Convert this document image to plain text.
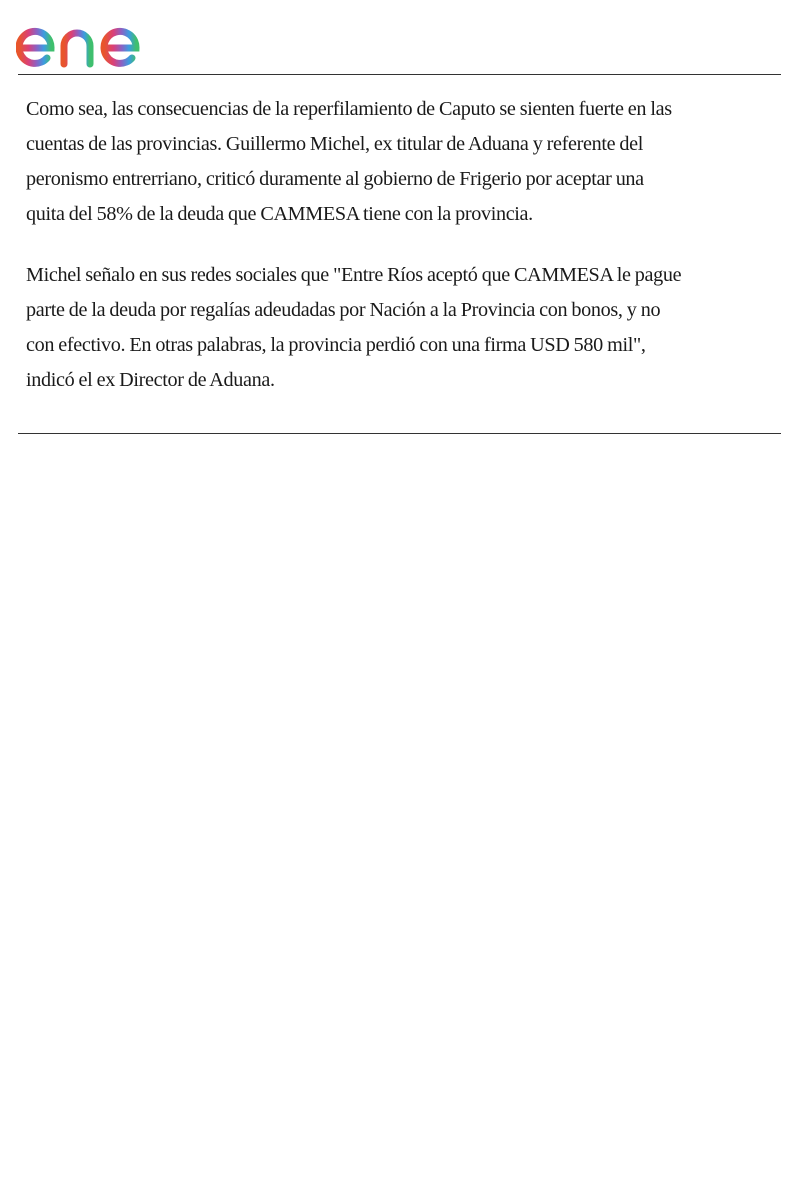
Como sea, las consecuencias de la reperfilamiento de Caputo se sienten fuerte en las
cuentas de las provincias. Guillermo Michel, ex titular de Aduana y referente del
peronismo entrerriano, criticó duramente al gobierno de Frigerio por aceptar una
quita del 58% de la deuda que CAMMESA tiene con la provincia.

Michel señalo en sus redes sociales que "Entre Ríos aceptó que CAMMESA le pague
parte de la deuda por regalías adeudadas por Nación a la Provincia con bonos, y no
con efectivo. En otras palabras, la provincia perdió con una firma USD 580 mil",
indicó el ex Director de Aduana.
